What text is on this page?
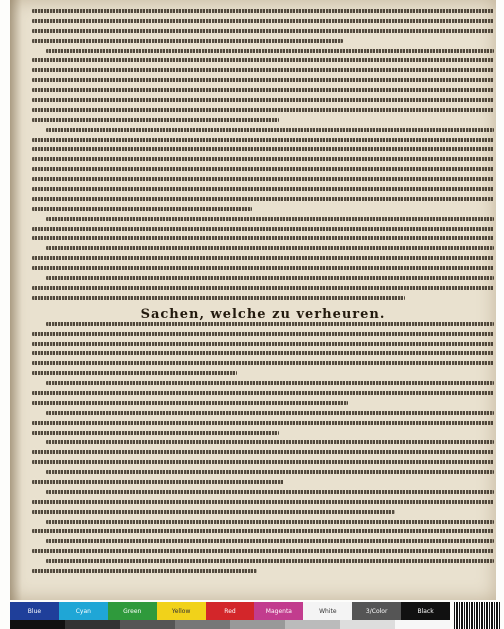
Sachen, welche zu verheuren.
Blue	Cyan	Green	Yellow	Red	Magenta	White	3/Color	Black
